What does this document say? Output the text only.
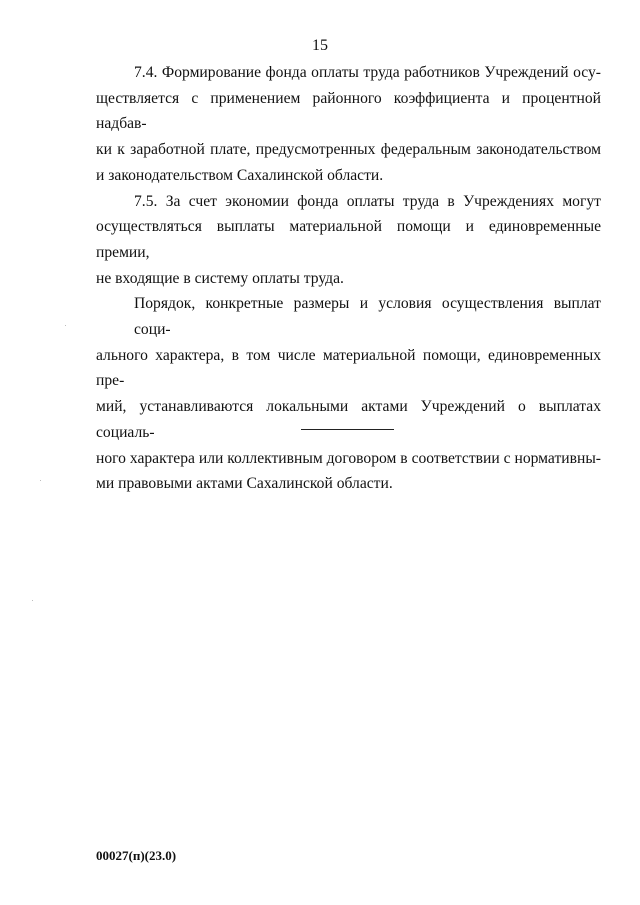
15
7.4. Формирование фонда оплаты труда работников Учреждений осу-
ществляется с применением районного коэффициента и процентной надбав-
ки к заработной плате, предусмотренных федеральным законодательством
и законодательством Сахалинской области.
7.5. За счет экономии фонда оплаты труда в Учреждениях могут
осуществляться выплаты материальной помощи и единовременные премии,
не входящие в систему оплаты труда.
Порядок, конкретные размеры и условия осуществления выплат соци-
ального характера, в том числе материальной помощи, единовременных пре-
мий, устанавливаются локальными актами Учреждений о выплатах социаль-
ного характера или коллективным договором в соответствии с нормативны-
ми правовыми актами Сахалинской области.
00027(п)(23.0)
